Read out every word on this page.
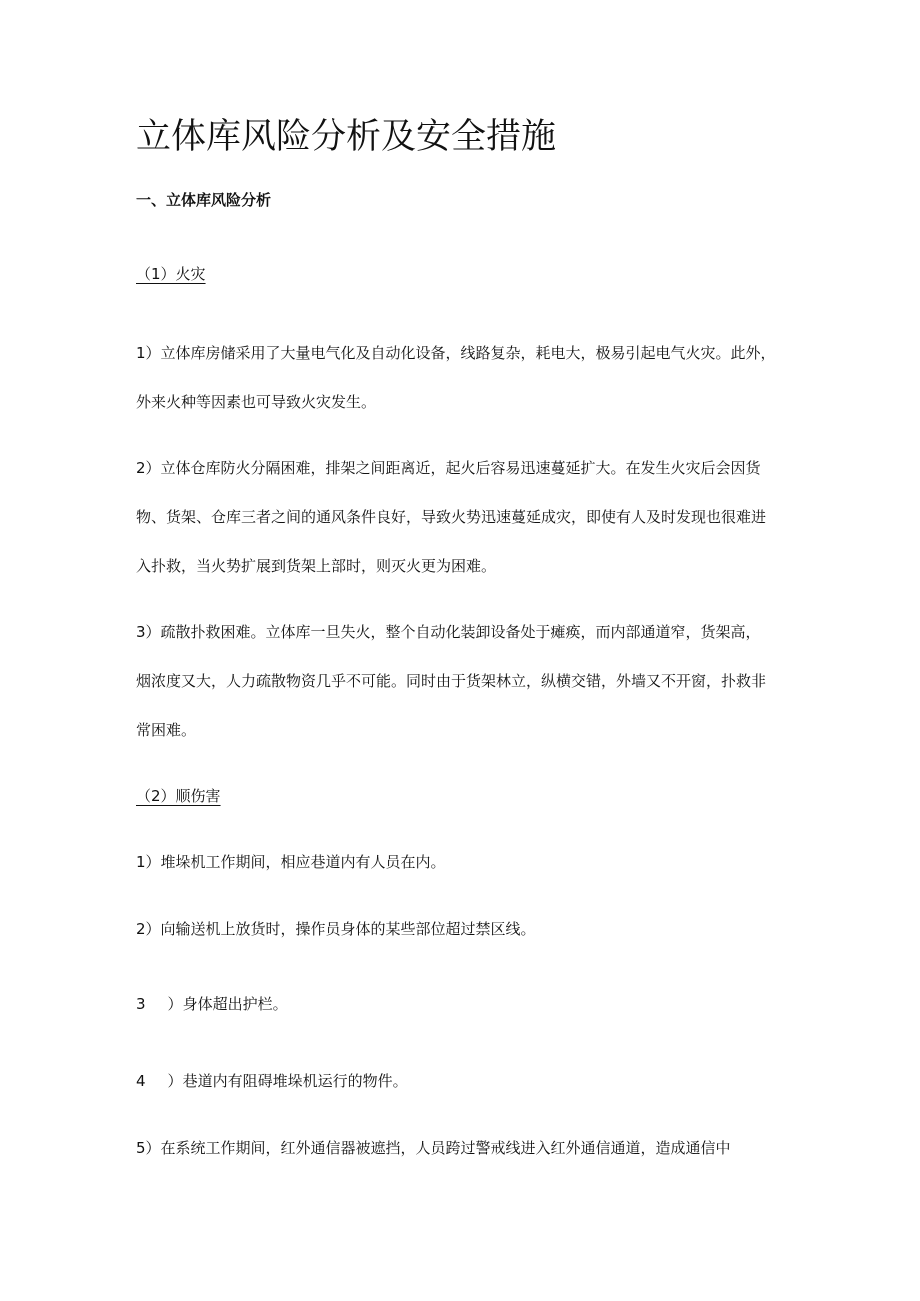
立体库风险分析及安全措施
一、立体库风险分析
（1）火灾
1）立体库房储采用了大量电气化及自动化设备，线路复杂，耗电大，极易引起电气火灾。此外，
外来火种等因素也可导致火灾发生。
2）立体仓库防火分隔困难，排架之间距离近，起火后容易迅速蔓延扩大。在发生火灾后会因货
物、货架、仓库三者之间的通风条件良好，导致火势迅速蔓延成灾，即使有人及时发现也很难进
入扑救，当火势扩展到货架上部时，则灭火更为困难。
3）疏散扑救困难。立体库一旦失火，整个自动化装卸设备处于瘫痪，而内部通道窄，货架高，
烟浓度又大，人力疏散物资几乎不可能。同时由于货架林立，纵横交错，外墙又不开窗，扑救非
常困难。
（2）顺伤害
1）堆垛机工作期间，相应巷道内有人员在内。
2）向输送机上放货时，操作员身体的某些部位超过禁区线。
3 ）身体超出护栏。
4 ）巷道内有阻碍堆垛机运行的物件。
5）在系统工作期间，红外通信器被遮挡，人员跨过警戒线进入红外通信通道，造成通信中
